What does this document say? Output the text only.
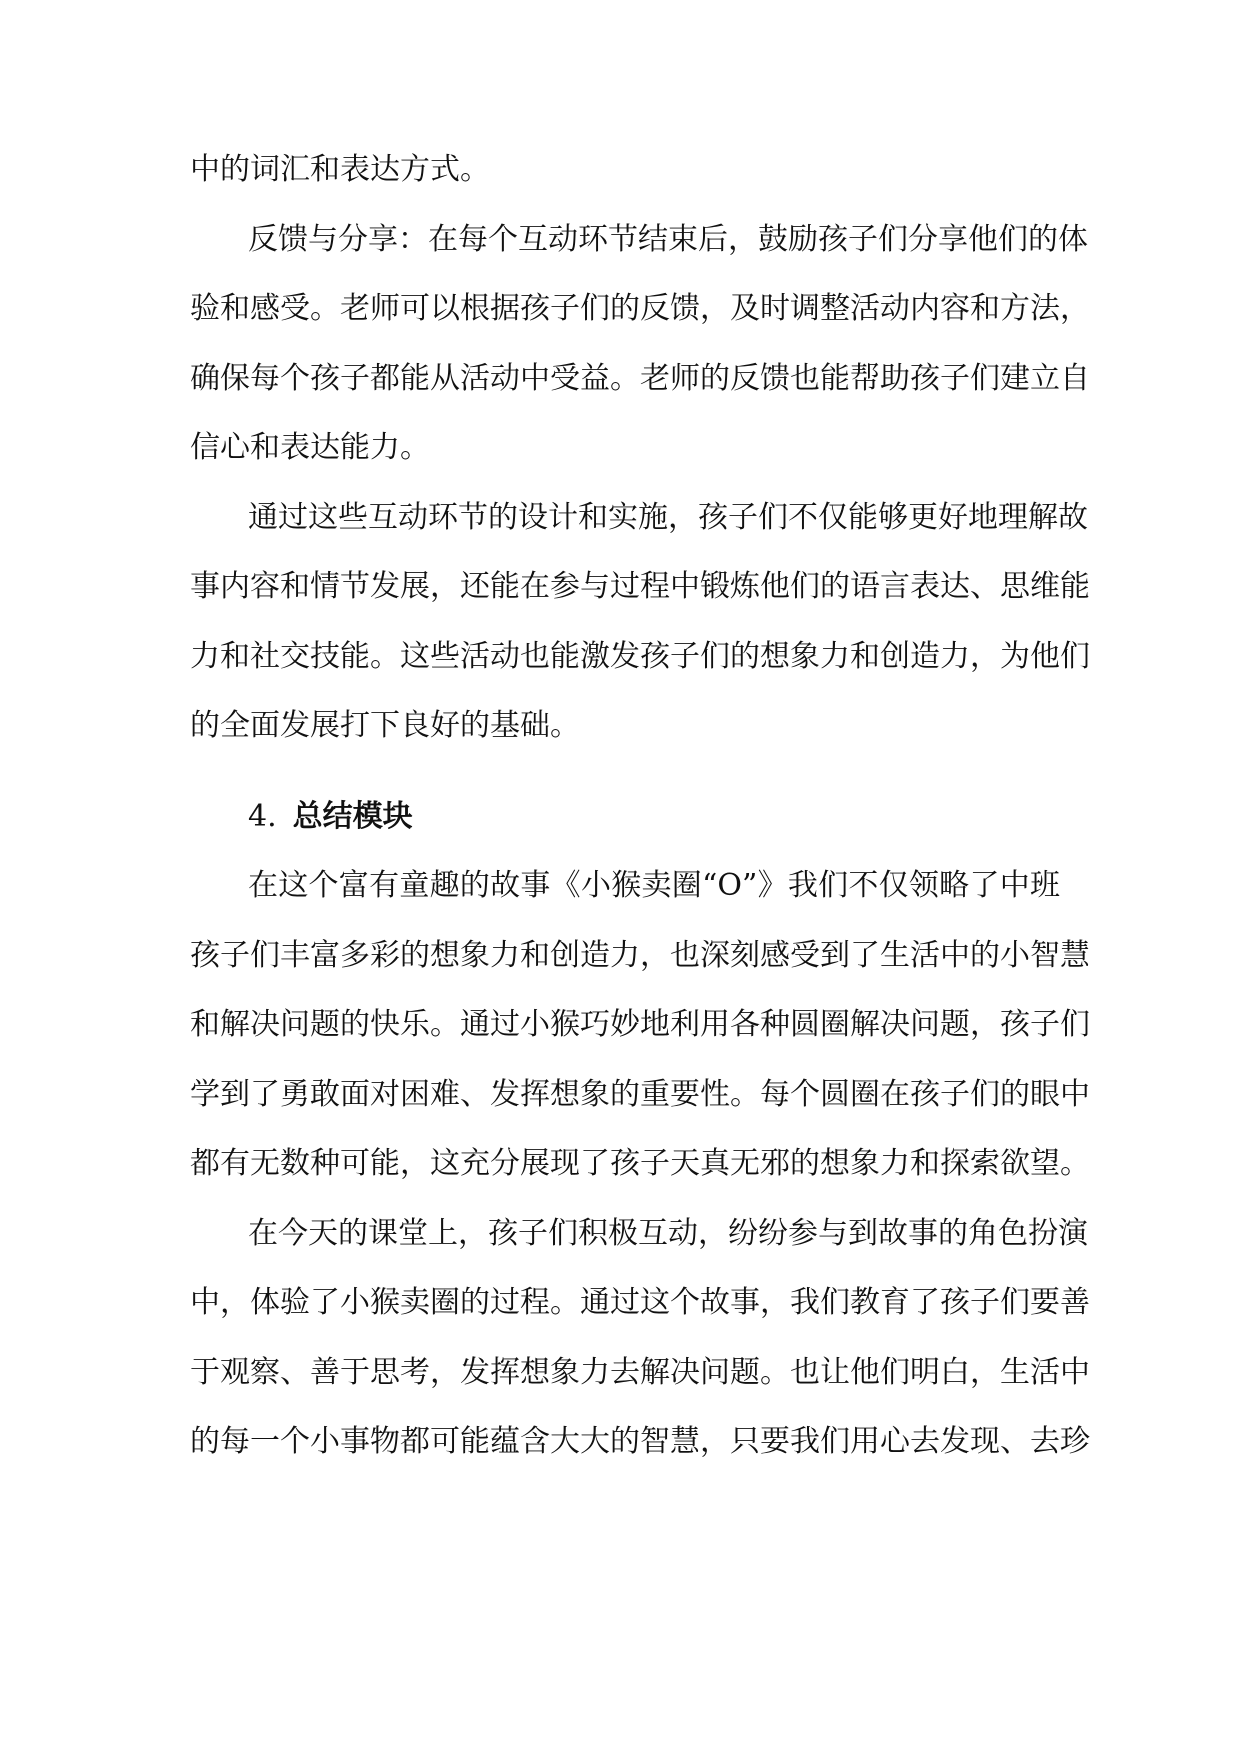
中的词汇和表达方式。
反馈与分享：在每个互动环节结束后，鼓励孩子们分享他们的体
验和感受。老师可以根据孩子们的反馈，及时调整活动内容和方法，
确保每个孩子都能从活动中受益。老师的反馈也能帮助孩子们建立自
信心和表达能力。
通过这些互动环节的设计和实施，孩子们不仅能够更好地理解故
事内容和情节发展，还能在参与过程中锻炼他们的语言表达、思维能
力和社交技能。这些活动也能激发孩子们的想象力和创造力，为他们
的全面发展打下良好的基础。
4. 总结模块
在这个富有童趣的故事《小猴卖圈“O”》我们不仅领略了中班
孩子们丰富多彩的想象力和创造力，也深刻感受到了生活中的小智慧
和解决问题的快乐。通过小猴巧妙地利用各种圆圈解决问题，孩子们
学到了勇敢面对困难、发挥想象的重要性。每个圆圈在孩子们的眼中
都有无数种可能，这充分展现了孩子天真无邪的想象力和探索欲望。
在今天的课堂上，孩子们积极互动，纷纷参与到故事的角色扮演
中，体验了小猴卖圈的过程。通过这个故事，我们教育了孩子们要善
于观察、善于思考，发挥想象力去解决问题。也让他们明白，生活中
的每一个小事物都可能蕴含大大的智慧，只要我们用心去发现、去珍
